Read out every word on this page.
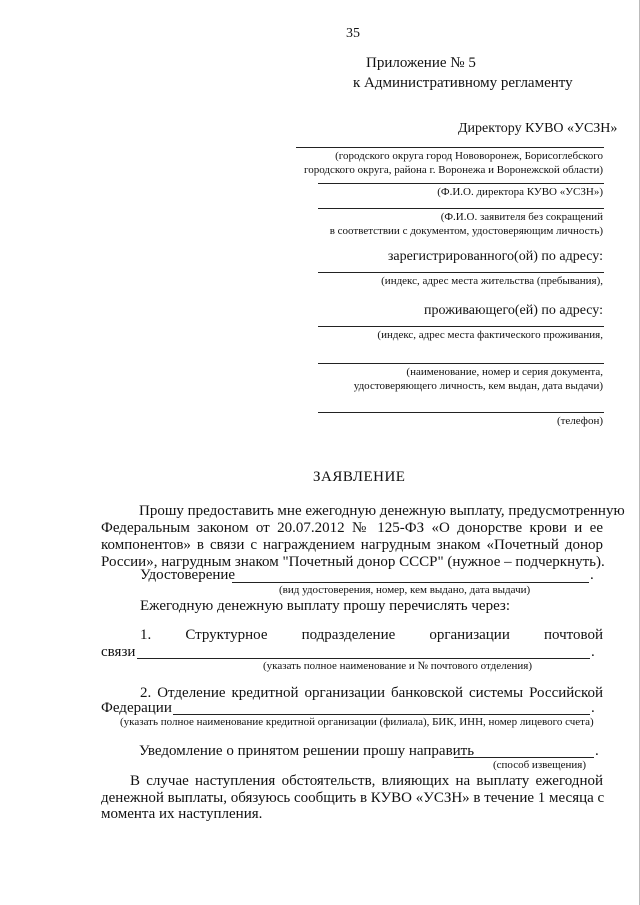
35
Приложение № 5
к Административному регламенту
Директору КУВО «УСЗН»
(городского округа город Нововоронеж, Борисоглебского
городского округа, района г. Воронежа и Воронежской области)
(Ф.И.О. директора КУВО «УСЗН»)
(Ф.И.О. заявителя без сокращений
в соответствии с документом, удостоверяющим личность)
зарегистрированного(ой) по адресу:
(индекс, адрес места жительства (пребывания),
проживающего(ей) по адресу:
(индекс, адрес места фактического проживания,
(наименование, номер и серия документа,
удостоверяющего личность, кем выдан, дата выдачи)
(телефон)
ЗАЯВЛЕНИЕ
Прошу предоставить мне ежегодную денежную выплату, предусмотренную
Федеральным законом от 20.07.2012 № 125-ФЗ «О донорстве крови и ее
компонентов» в связи с награждением нагрудным знаком «Почетный донор
России», нагрудным знаком "Почетный донор СССР" (нужное – подчеркнуть).
Удостоверение	.
(вид удостоверения, номер, кем выдано, дата выдачи)
Ежегодную денежную выплату прошу перечислять через:
1. Структурное подразделение организации почтовой
связи	.
(указать полное наименование и № почтового отделения)
2. Отделение кредитной организации банковской системы Российской
Федерации	.
(указать полное наименование кредитной организации (филиала), БИК, ИНН, номер лицевого счета)
Уведомление о принятом решении прошу направить	.
(способ извещения)
В случае наступления обстоятельств, влияющих на выплату ежегодной
денежной выплаты, обязуюсь сообщить в КУВО «УСЗН» в течение 1 месяца с
момента их наступления.
